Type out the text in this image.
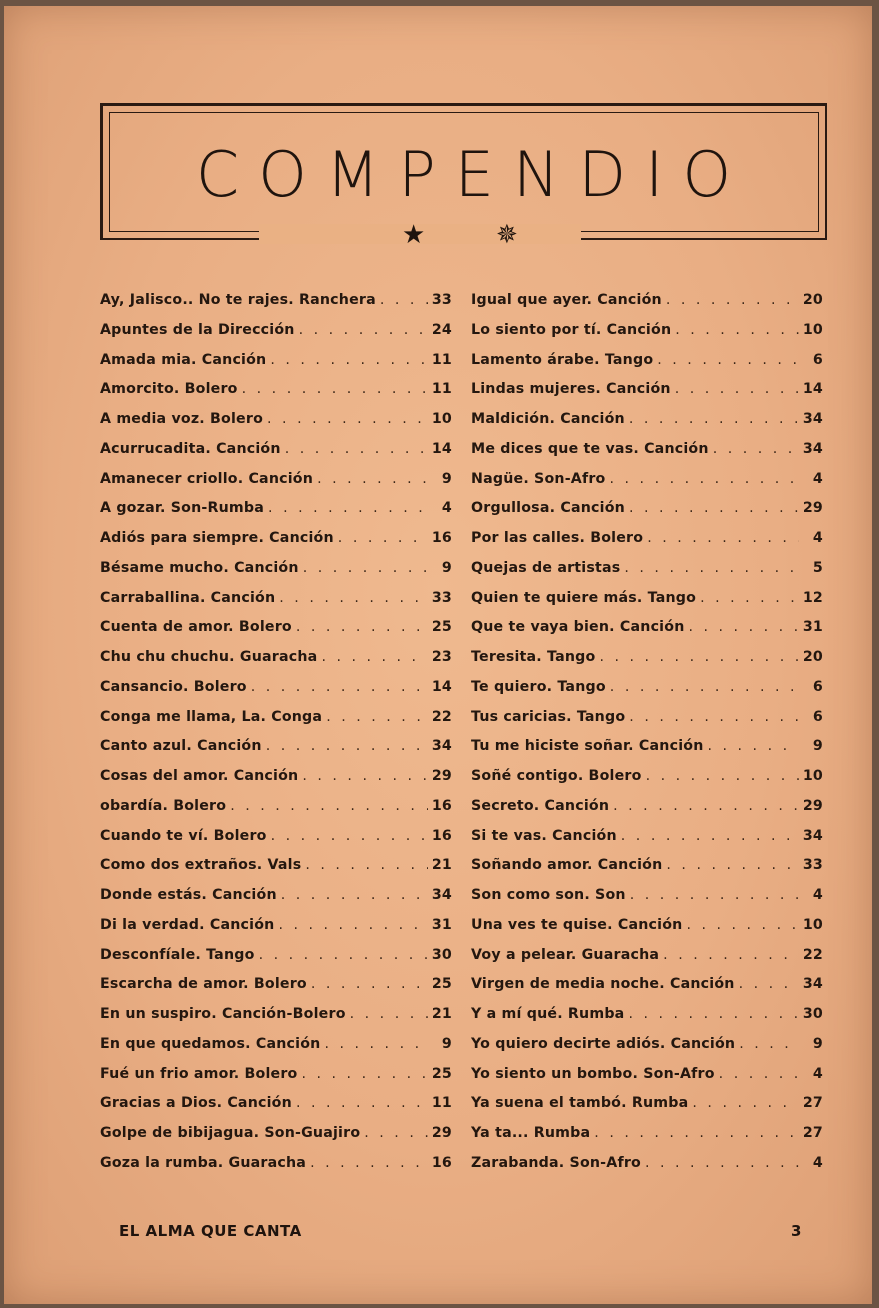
COMPENDIO
★	✵
Ay, Jalisco.. No te rajes. Ranchera . . .	33
Apuntes de la Dirección . . .	24
Amada mia. Canción . . .	11
Amorcito. Bolero . . .	11
A media voz. Bolero . . .	10
Acurrucadita. Canción . . .	14
Amanecer criollo. Canción . . .	9
A gozar. Son-Rumba . . .	4
Adiós para siempre. Canción . . .	16
Bésame mucho. Canción . . .	9
Carraballina. Canción . . .	33
Cuenta de amor. Bolero . . .	25
Chu chu chuchu. Guaracha . . .	23
Cansancio. Bolero . . .	14
Conga me llama, La. Conga . . .	22
Canto azul. Canción . . .	34
Cosas del amor. Canción . . .	29
obardía. Bolero . . .	16
Cuando te ví. Bolero . . .	16
Como dos extraños. Vals . . .	21
Donde estás. Canción . . .	34
Di la verdad. Canción . . .	31
Desconfíale. Tango . . .	30
Escarcha de amor. Bolero . . .	25
En un suspiro. Canción-Bolero . . .	21
En que quedamos. Canción . . .	9
Fué un frio amor. Bolero . . .	25
Gracias a Dios. Canción . . .	11
Golpe de bibijagua. Son-Guajiro . . .	29
Goza la rumba. Guaracha . . .	16
Igual que ayer. Canción . . .	20
Lo siento por tí. Canción . . .	10
Lamento árabe. Tango . . .	6
Lindas mujeres. Canción . . .	14
Maldición. Canción . . .	34
Me dices que te vas. Canción . . .	34
Nagüe. Son-Afro . . .	4
Orgullosa. Canción . . .	29
Por las calles. Bolero . . .	4
Quejas de artistas . . .	5
Quien te quiere más. Tango . . .	12
Que te vaya bien. Canción . . .	31
Teresita. Tango . . .	20
Te quiero. Tango . . .	6
Tus caricias. Tango . . .	6
Tu me hiciste soñar. Canción . . .	9
Soñé contigo. Bolero . . .	10
Secreto. Canción . . .	29
Si te vas. Canción . . .	34
Soñando amor. Canción . . .	33
Son como son. Son . . .	4
Una ves te quise. Canción . . .	10
Voy a pelear. Guaracha . . .	22
Virgen de media noche. Canción . . .	34
Y a mí qué. Rumba . . .	30
Yo quiero decirte adiós. Canción . . .	9
Yo siento un bombo. Son-Afro . . .	4
Ya suena el tambó. Rumba . . .	27
Ya ta... Rumba . . .	27
Zarabanda. Son-Afro . . .	4
EL ALMA QUE CANTA	3
